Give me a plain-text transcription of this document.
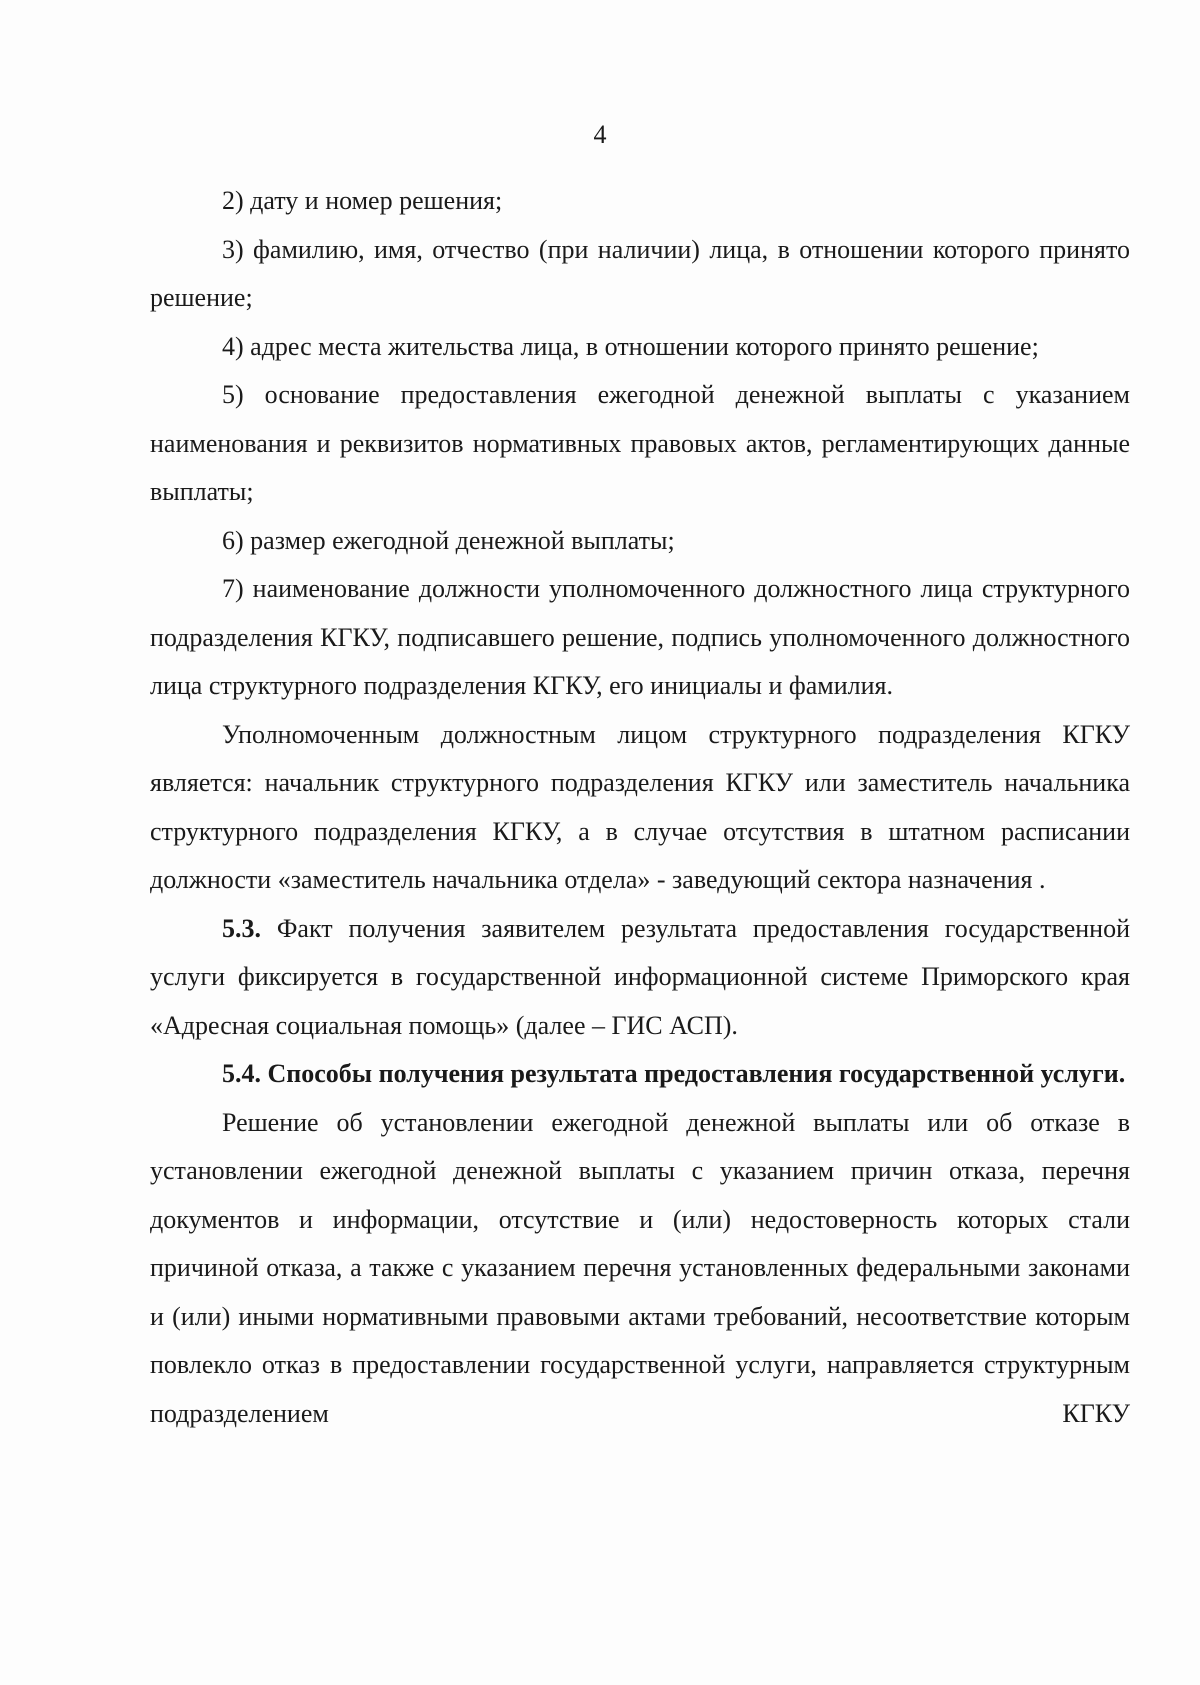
4

2) дату и номер решения;

3) фамилию, имя, отчество (при наличии) лица, в отношении которого принято решение;

4) адрес места жительства лица, в отношении которого принято решение;

5) основание предоставления ежегодной денежной выплаты с указанием наименования и реквизитов нормативных правовых актов, регламентирующих данные выплаты;

6) размер ежегодной денежной выплаты;

7) наименование должности уполномоченного должностного лица структурного подразделения КГКУ, подписавшего решение, подпись уполномоченного должностного лица структурного подразделения КГКУ, его инициалы и фамилия.

Уполномоченным должностным лицом структурного подразделения КГКУ является: начальник структурного подразделения КГКУ или заместитель начальника структурного подразделения КГКУ, а в случае отсутствия в штатном расписании должности «заместитель начальника отдела» - заведующий сектора назначения .

5.3. Факт получения заявителем результата предоставления государственной услуги фиксируется в государственной информационной системе Приморского края «Адресная социальная помощь» (далее – ГИС АСП).

5.4. Способы получения результата предоставления государственной услуги.

Решение об установлении ежегодной денежной выплаты или об отказе в установлении ежегодной денежной выплаты с указанием причин отказа, перечня документов и информации, отсутствие и (или) недостоверность которых стали причиной отказа, а также с указанием перечня установленных федеральными законами и (или) иными нормативными правовыми актами требований, несоответствие которым повлекло отказ в предоставлении государственной услуги, направляется структурным подразделением КГКУ
